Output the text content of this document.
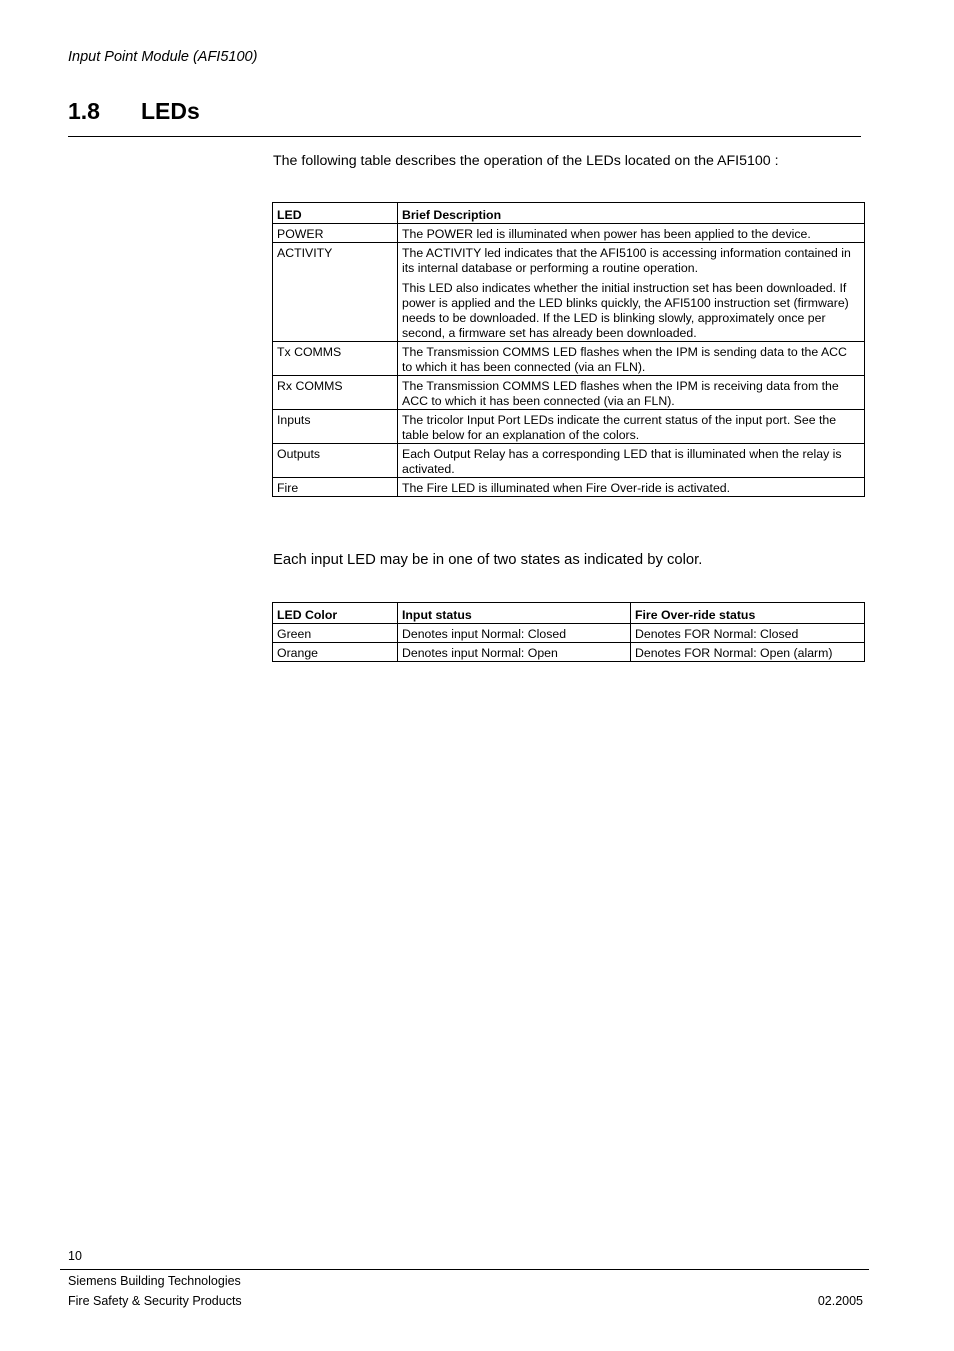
Input Point Module (AFI5100)
1.8 LEDs
The following table describes the operation of the LEDs located on the AFI5100 :
LED	Brief Description
POWER	The POWER led is illuminated when power has been applied to the device.

ACTIVITY	The ACTIVITY led indicates that the AFI5100 is accessing information contained in its internal database or performing a routine operation.

This LED also indicates whether the initial instruction set has been downloaded. If power is applied and the LED blinks quickly, the AFI5100 instruction set (firmware) needs to be downloaded. If the LED is blinking slowly, approximately once per second, a firmware set has already been downloaded.

Tx COMMS	The Transmission COMMS LED flashes when the IPM is sending data to the ACC to which it has been connected (via an FLN).

Rx COMMS	The Transmission COMMS LED flashes when the IPM is receiving data from the ACC to which it has been connected (via an FLN).

Inputs	The tricolor Input Port LEDs indicate the current status of the input port. See the table below for an explanation of the colors.

Outputs	Each Output Relay has a corresponding LED that is illuminated when the relay is activated.

Fire	The Fire LED is illuminated when Fire Over-ride is activated.

Each input LED may be in one of two states as indicated by color.
LED Color	Input status	Fire Over-ride status
Green	Denotes input Normal: Closed	Denotes FOR Normal: Closed
Orange	Denotes input Normal: Open	Denotes FOR Normal: Open (alarm)
10
Siemens Building Technologies
Fire Safety & Security Products	02.2005
